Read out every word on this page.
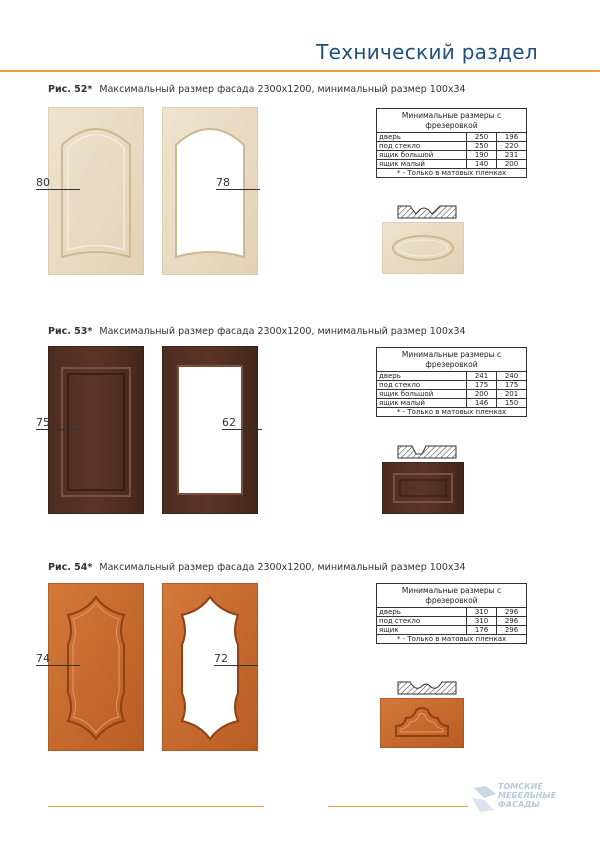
Технический раздел
Рис. 52* Максимальный размер фасада 2300х1200, минимальный размер 100х34
80	78
Минимальные размеры с фрезеровкой		
дверь	250	196
под стекло	250	220
ящик большой	190	231
ящик малый	140	200
* - Только в матовых пленках		
Рис. 53* Максимальный размер фасада 2300х1200, минимальный размер 100х34
75	62
Минимальные размеры с фрезеровкой		
дверь	241	240
под стекло	175	175
ящик большой	200	201
ящик малый	146	150
* - Только в матовых пленках		
Рис. 54* Максимальный размер фасада 2300х1200, минимальный размер 100х34
74	72
Минимальные размеры с фрезеровкой		
дверь	310	296
под стекло	310	296
ящик	176	296
* - Только в матовых пленках		
ТОМСКИЕ
МЕБЕЛЬНЫЕ
ФАСАДЫ
